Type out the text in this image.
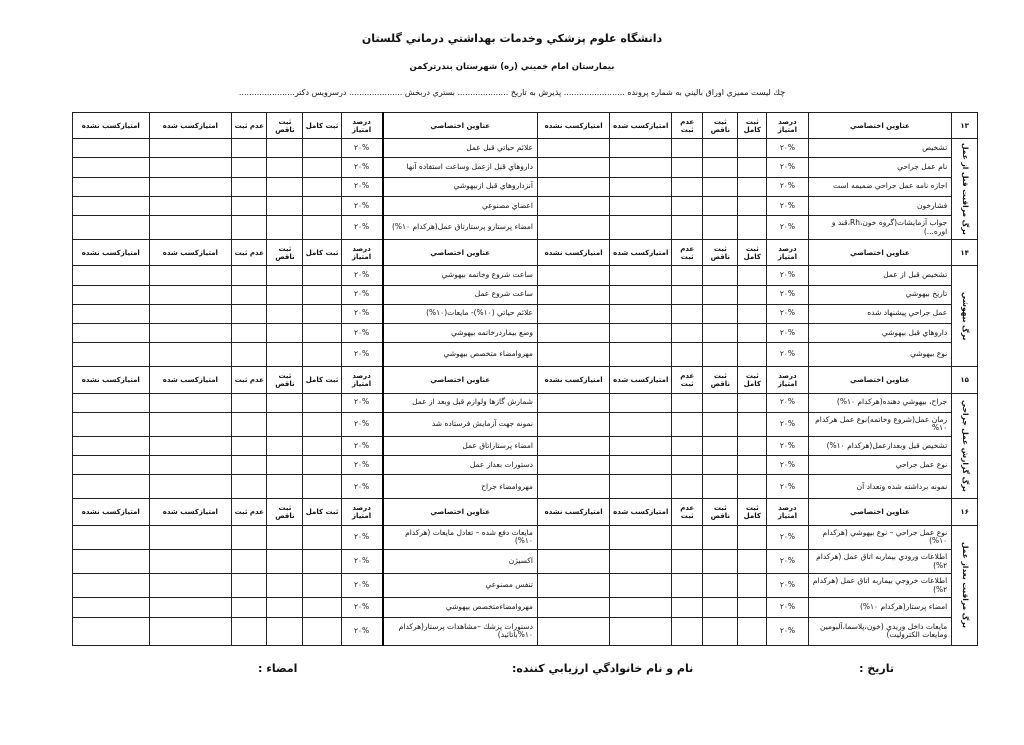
دانشگاه علوم پزشكي وخدمات بهداشتي درماني گلستان
بيمارستان امام خميني (ره) شهرستان بندرتركمن
چك ليست مميزي اوراق باليني به شماره پرونده ........................ پذيرش به تاريخ .................... بستري دربخش ..................... درسرويس دكتر......................
۱۳	عناوين اختصاصي	درصد امتياز	ثبت كامل	ثبت ناقص	عدم ثبت	امتيازكسب شده	امتيازكسب نشده	عناوين اختصاصي	درصد امتياز	ثبت كامل	ثبت ناقص	عدم ثبت	امتيازكسب شده	امتيازكسب نشده
برگ مراقبت قبل از عمل	تشخيص	۲۰%						علائم حياتي قبل عمل	۲۰%					
	نام عمل جراحي	۲۰%						داروهاي قبل ازعمل وساعت استفاده آنها	۲۰%					
	اجازه نامه عمل جراحي ضميمه است	۲۰%						آنزداروهاي قبل ازبيهوشي	۲۰%					
	فشارخون	۲۰%						اعضاي مصنوعي	۲۰%					
	جواب آزمايشات(گروه خون،Rh،قند و اوره...)	۲۰%						امضاء پرستارو پرستارتاق عمل(هركدام ۱۰%)	۲۰%					
۱۴	عناوين اختصاصي	درصد امتياز	ثبت كامل	ثبت ناقص	عدم ثبت	امتيازكسب شده	امتيازكسب نشده	عناوين اختصاصي	درصد امتياز	ثبت كامل	ثبت ناقص	عدم ثبت	امتيازكسب شده	امتيازكسب نشده
برگ بيهوشي	تشخيص قبل از عمل	۲۰%						ساعت شروع وخاتمه بيهوشي	۲۰%					
	تاريخ بيهوشي	۲۰%						ساعت شروع عمل	۲۰%					
	عمل جراحي پيشنهاد شده	۲۰%						علائم حياتي (۱۰%)- مايعات(۱۰%)	۲۰%					
	داروهاي قبل بيهوشي	۲۰%						وضع بيماردرخاتمه بيهوشي	۲۰%					
	نوع بيهوشي	۲۰%						مهروامضاء متخصص بيهوشي	۲۰%					
۱۵	عناوين اختصاصي	درصد امتياز	ثبت كامل	ثبت ناقص	عدم ثبت	امتيازكسب شده	امتيازكسب نشده	عناوين اختصاصي	درصد امتياز	ثبت كامل	ثبت ناقص	عدم ثبت	امتيازكسب شده	امتيازكسب نشده
برگ گزارش عمل جراحي	جراح، بيهوشي دهنده(هركدام ۱۰%)	۲۰%						شمارش گازها ولوازم قبل وبعد از عمل	۲۰%					
	زمان عمل(شروع وخاتمه)نوع عمل هركدام ۱۰%	۲۰%						نمونه جهت آزمايش فرستاده شد	۲۰%					
	تشخيص قبل وبعدازعمل(هركدام ۱۰%)	۲۰%						امضاء پرستاراتاق عمل	۲۰%					
	نوع عمل جراحي	۲۰%						دستورات بعداز عمل	۲۰%					
	نمونه برداشته شده وتعداد آن	۲۰%						مهروامضاء جراح	۲۰%					
۱۶	عناوين اختصاصي	درصد امتياز	ثبت كامل	ثبت ناقص	عدم ثبت	امتيازكسب شده	امتيازكسب نشده	عناوين اختصاصي	درصد امتياز	ثبت كامل	ثبت ناقص	عدم ثبت	امتيازكسب شده	امتيازكسب نشده
برگ مراقبت بعداز عمل	نوع عمل جراحي – نوع بيهوشي (هركدام ۱۰%)	۲۰%						مايعات دفع شده – تعادل مايعات (هركدام ۱۰%)	۲۰%					
	اطلاعات ورودي بيماربه اتاق عمل (هركدام ۲%)	۲۰%						اكسيژن	۲۰%					
	اطلاعات خروجي بيماربه اتاق عمل (هركدام ۲%)	۲۰%						تنفس مصنوعي	۲۰%					
	امضاء پرستار(هركدام ۱۰%)	۲۰%						مهروامضاءمتخصص بيهوشي	۲۰%					
	مايعات داخل وريدي (خون،پلاسما،آلبومين ومايعات الكتروليت)	۲۰%						دستورات پزشك –مشاهدات پرستار(هركدام ۱۰%باتائيد)	۲۰%					
تاريخ :
نام و نام خانوادگي ارزيابي كننده:
امضاء :
